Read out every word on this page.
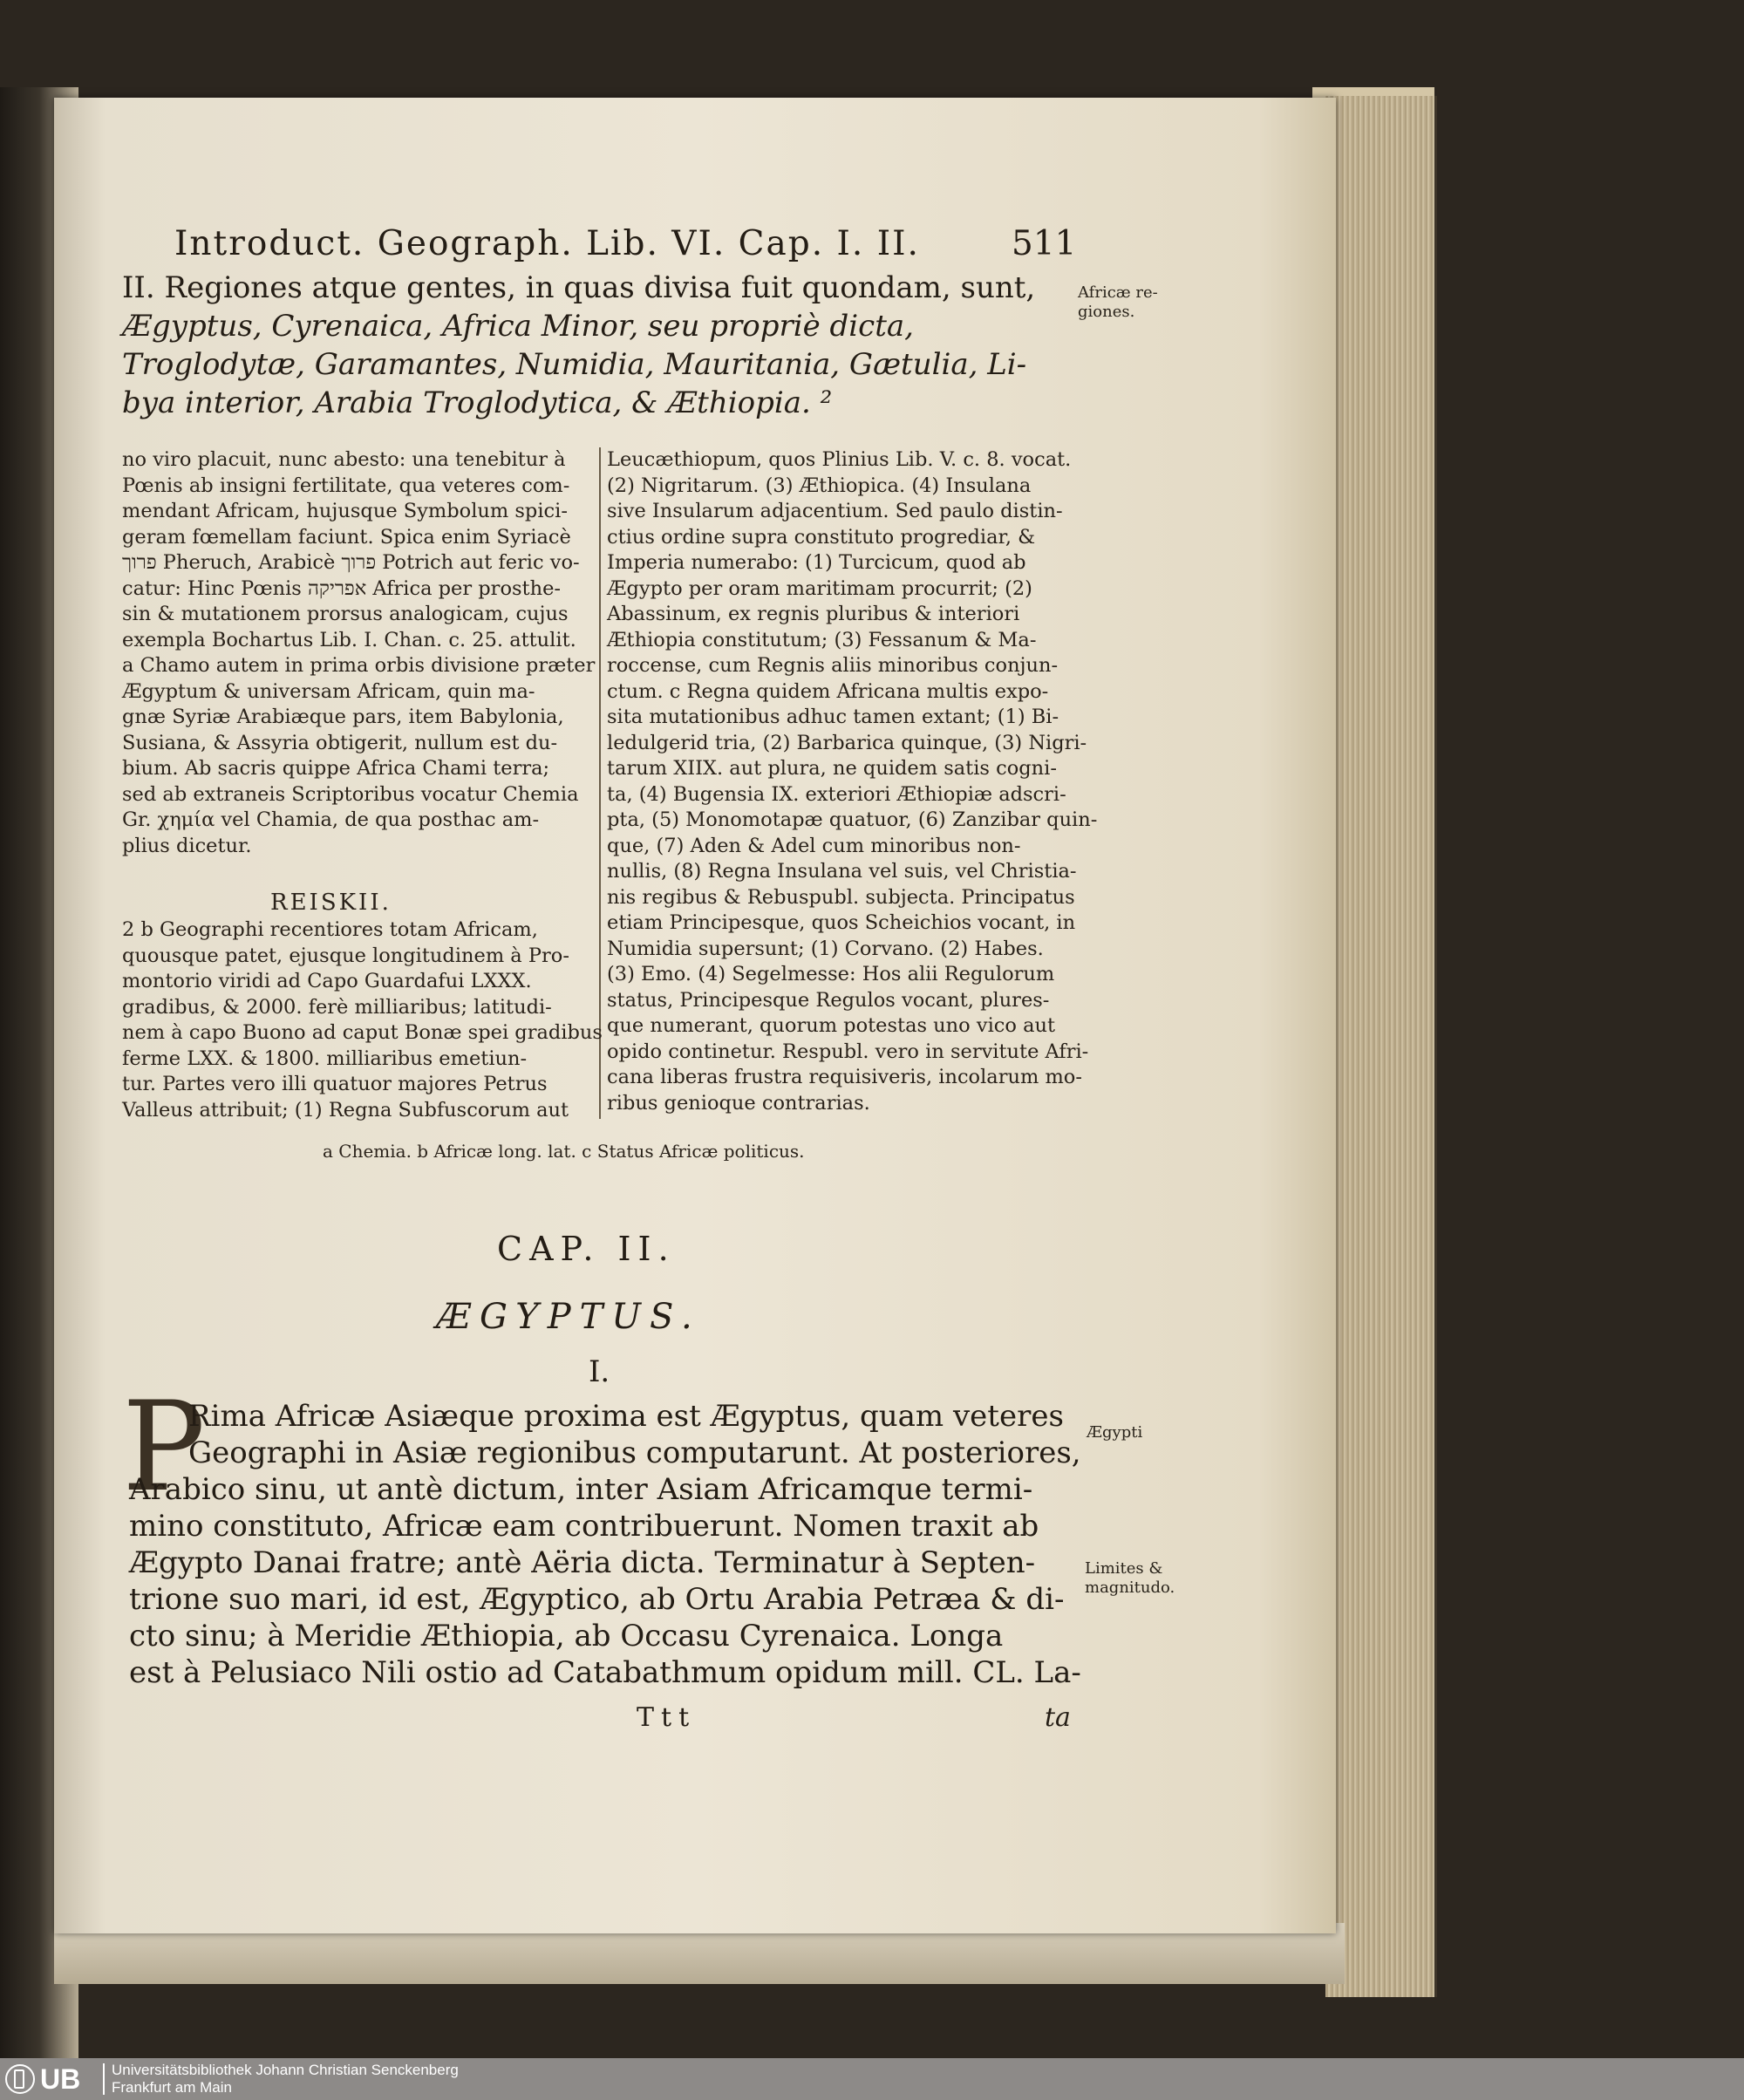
Introduct. Geograph. Lib. VI. Cap. I. II.	511
II. Regiones atque gentes, in quas divisa fuit quondam, sunt,
Ægyptus, Cyrenaica, Africa Minor, seu propriè dicta,
Troglodytæ, Garamantes, Numidia, Mauritania, Gætulia, Li-
bya interior, Arabia Troglodytica, & Æthiopia. ²
Africæ re-
giones.
no viro placuit, nunc abesto: una tenebitur à
Pœnis ab insigni fertilitate, qua veteres com-
mendant Africam, hujusque Symbolum spici-
geram fœmellam faciunt. Spica enim Syriacè
פרוך Pheruch, Arabicè פרוך Potrich aut feric vo-
catur: Hinc Pœnis אפריקה Africa per prosthe-
sin & mutationem prorsus analogicam, cujus
exempla Bochartus Lib. I. Chan. c. 25. attulit.
a Chamo autem in prima orbis divisione præter
Ægyptum & universam Africam, quin ma-
gnæ Syriæ Arabiæque pars, item Babylonia,
Susiana, & Assyria obtigerit, nullum est du-
bium. Ab sacris quippe Africa Chami terra;
sed ab extraneis Scriptoribus vocatur Chemia
Gr. χημία vel Chamia, de qua posthac am-
plius dicetur.
REISKII.
2 b Geographi recentiores totam Africam,
quousque patet, ejusque longitudinem à Pro-
montorio viridi ad Capo Guardafui LXXX.
gradibus, & 2000. ferè milliaribus; latitudi-
nem à capo Buono ad caput Bonæ spei gradibus
ferme LXX. & 1800. milliaribus emetiun-
tur. Partes vero illi quatuor majores Petrus
Valleus attribuit; (1) Regna Subfuscorum aut
Leucæthiopum, quos Plinius Lib. V. c. 8. vocat.
(2) Nigritarum. (3) Æthiopica. (4) Insulana
sive Insularum adjacentium. Sed paulo distin-
ctius ordine supra constituto progrediar, &
Imperia numerabo: (1) Turcicum, quod ab
Ægypto per oram maritimam procurrit; (2)
Abassinum, ex regnis pluribus & interiori
Æthiopia constitutum; (3) Fessanum & Ma-
roccense, cum Regnis aliis minoribus conjun-
ctum. c Regna quidem Africana multis expo-
sita mutationibus adhuc tamen extant; (1) Bi-
ledulgerid tria, (2) Barbarica quinque, (3) Nigri-
tarum XIIX. aut plura, ne quidem satis cogni-
ta, (4) Bugensia IX. exteriori Æthiopiæ adscri-
pta, (5) Monomotapæ quatuor, (6) Zanzibar quin-
que, (7) Aden & Adel cum minoribus non-
nullis, (8) Regna Insulana vel suis, vel Christia-
nis regibus & Rebuspubl. subjecta. Principatus
etiam Principesque, quos Scheichios vocant, in
Numidia supersunt; (1) Corvano. (2) Habes.
(3) Emo. (4) Segelmesse: Hos alii Regulorum
status, Principesque Regulos vocant, plures-
que numerant, quorum potestas uno vico aut
opido continetur. Respubl. vero in servitute Afri-
cana liberas frustra requisiveris, incolarum mo-
ribus genioque contrarias.
a Chemia. b Africæ long. lat. c Status Africæ politicus.
CAP. II.
ÆGYPTUS.
I.
P
Rima Africæ Asiæque proxima est Ægyptus, quam veteres
Geographi in Asiæ regionibus computarunt. At posteriores,
Arabico sinu, ut antè dictum, inter Asiam Africamque termi-
mino constituto, Africæ eam contribuerunt. Nomen traxit ab
Ægypto Danai fratre; antè Aëria dicta. Terminatur à Septen-
trione suo mari, id est, Ægyptico, ab Ortu Arabia Petræa & di-
cto sinu; à Meridie Æthiopia, ab Occasu Cyrenaica. Longa
est à Pelusiaco Nili ostio ad Catabathmum opidum mill. CL. La-
Ægypti
Limites &
magnitudo.
Ttt	ta
UB Universitätsbibliothek Johann Christian Senckenberg
Frankfurt am Main
